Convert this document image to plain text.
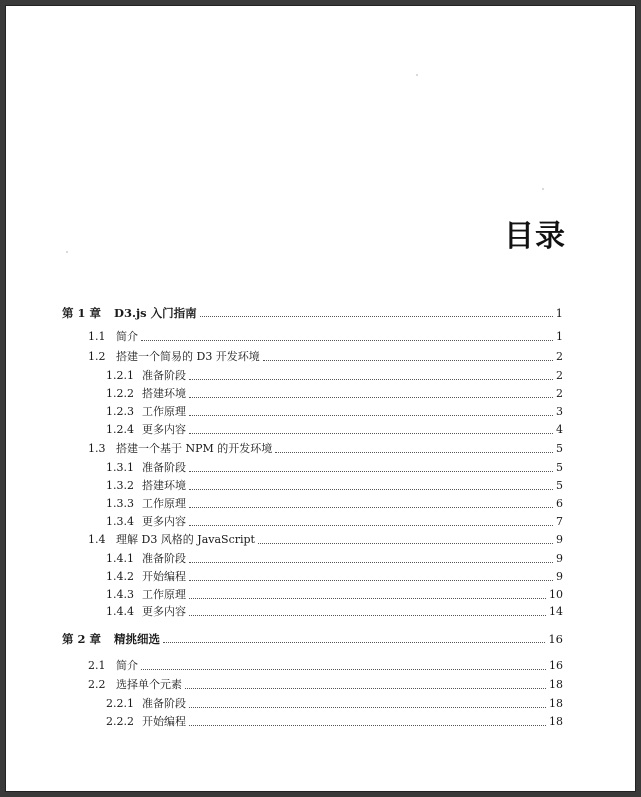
目录
第 1 章	D3.js 入门指南	1
1.1 简介	1
1.2 搭建一个简易的 D3 开发环境	2
1.2.1 准备阶段	2
1.2.2 搭建环境	2
1.2.3 工作原理	3
1.2.4 更多内容	4
1.3 搭建一个基于 NPM 的开发环境	5
1.3.1 准备阶段	5
1.3.2 搭建环境	5
1.3.3 工作原理	6
1.3.4 更多内容	7
1.4 理解 D3 风格的 JavaScript	9
1.4.1 准备阶段	9
1.4.2 开始编程	9
1.4.3 工作原理	10
1.4.4 更多内容	14
第 2 章	精挑细选	16
2.1 简介	16
2.2 选择单个元素	18
2.2.1 准备阶段	18
2.2.2 开始编程	18
